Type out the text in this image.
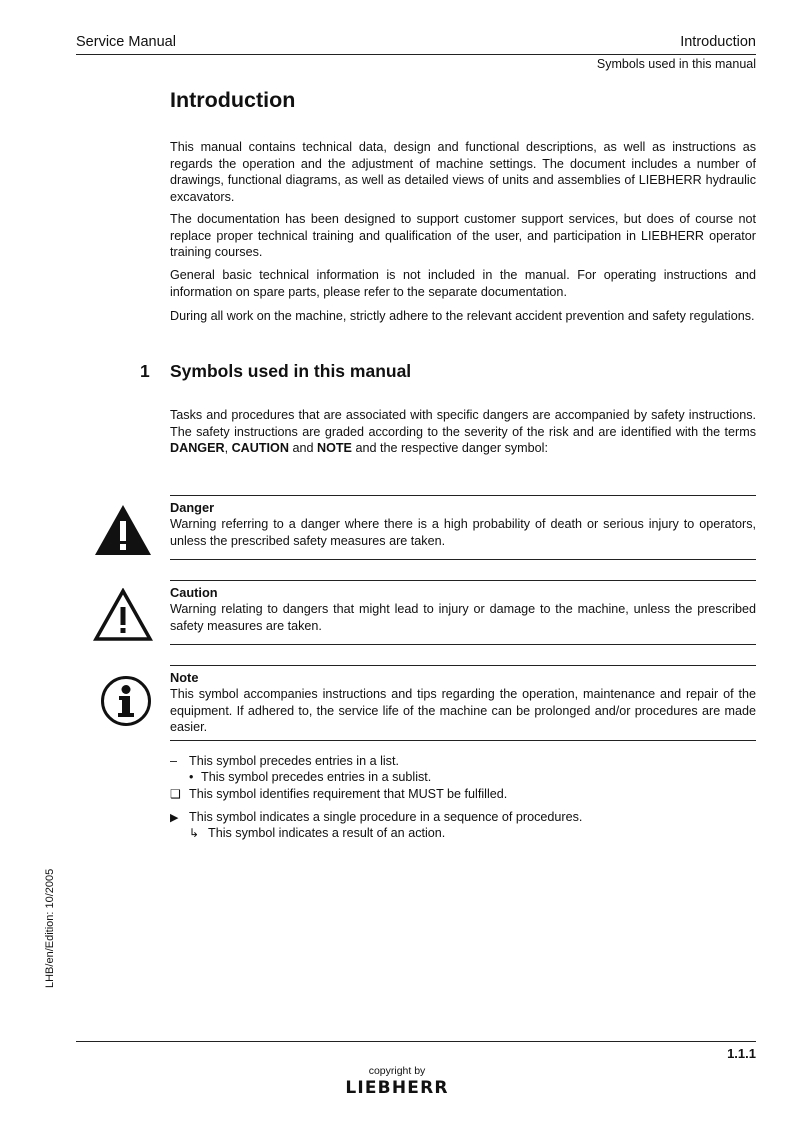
Service Manual	Introduction
Symbols used in this manual
Introduction

This manual contains technical data, design and functional descriptions, as well as instructions as regards the operation and the adjustment of machine settings. The document includes a number of drawings, functional diagrams, as well as detailed views of units and assemblies of LIEBHERR hydraulic excavators.

The documentation has been designed to support customer support services, but does of course not replace proper technical training and qualification of the user, and participation in LIEBHERR operator training courses.

General basic technical information is not included in the manual. For operating instructions and information on spare parts, please refer to the separate documentation.

During all work on the machine, strictly adhere to the relevant accident prevention and safety regulations.

1 Symbols used in this manual

Tasks and procedures that are associated with specific dangers are accompanied by safety instructions. The safety instructions are graded according to the severity of the risk and are identified with the terms DANGER, CAUTION and NOTE and the respective danger symbol:

Danger

Warning referring to a danger where there is a high probability of death or serious injury to operators, unless the prescribed safety measures are taken.

Caution

Warning relating to dangers that might lead to injury or damage to the machine, unless the prescribed safety measures are taken.

Note

This symbol accompanies instructions and tips regarding the operation, maintenance and repair of the equipment. If adhered to, the service life of the machine can be prolonged and/or procedures are made easier.

– This symbol precedes entries in a list.
• This symbol precedes entries in a sublist.
❑ This symbol identifies requirement that MUST be fulfilled.
▶ This symbol indicates a single procedure in a sequence of procedures.
↳ This symbol indicates a result of an action.
LHB/en/Edition: 10/2005
1.1.1
copyright by
LIEBHERR
